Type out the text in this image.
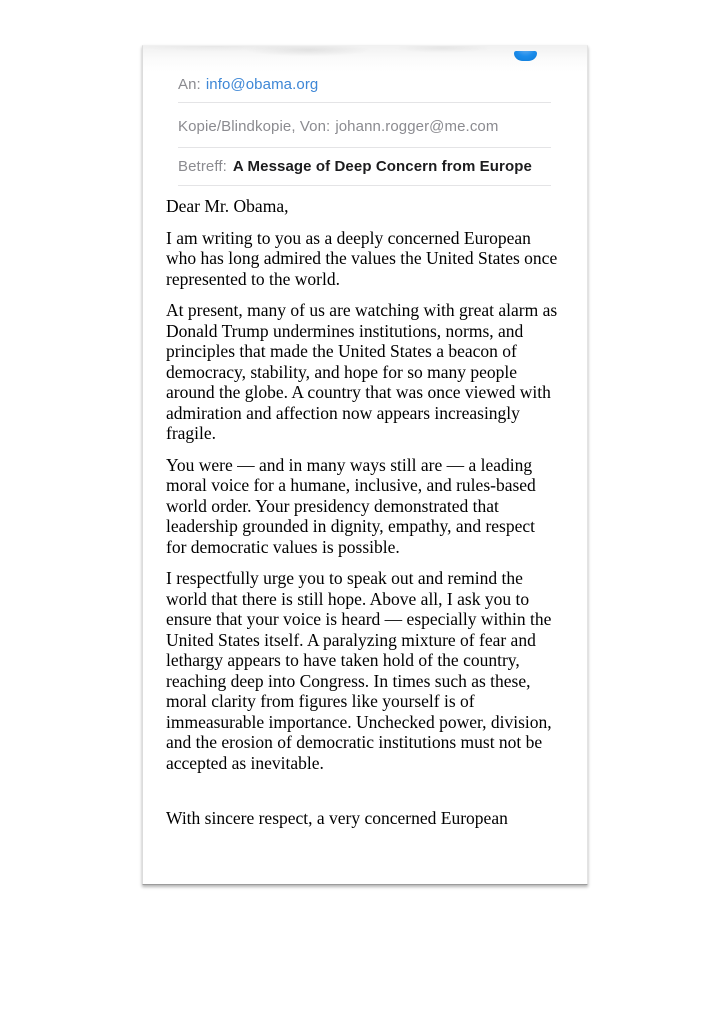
An: info@obama.org
Kopie/Blindkopie, Von: johann.rogger@me.com
Betreff: A Message of Deep Concern from Europe

Dear Mr. Obama,

I am writing to you as a deeply concerned European who has long admired the values the United States once represented to the world.

At present, many of us are watching with great alarm as Donald Trump undermines institutions, norms, and principles that made the United States a beacon of democracy, stability, and hope for so many people around the globe. A country that was once viewed with admiration and affection now appears increasingly fragile.

You were — and in many ways still are — a leading moral voice for a humane, inclusive, and rules-based world order. Your presidency demonstrated that leadership grounded in dignity, empathy, and respect for democratic values is possible.

I respectfully urge you to speak out and remind the world that there is still hope. Above all, I ask you to ensure that your voice is heard — especially within the United States itself. A paralyzing mixture of fear and lethargy appears to have taken hold of the country, reaching deep into Congress. In times such as these, moral clarity from figures like yourself is of immeasurable importance. Unchecked power, division, and the erosion of democratic institutions must not be accepted as inevitable.

With sincere respect, a very concerned European
